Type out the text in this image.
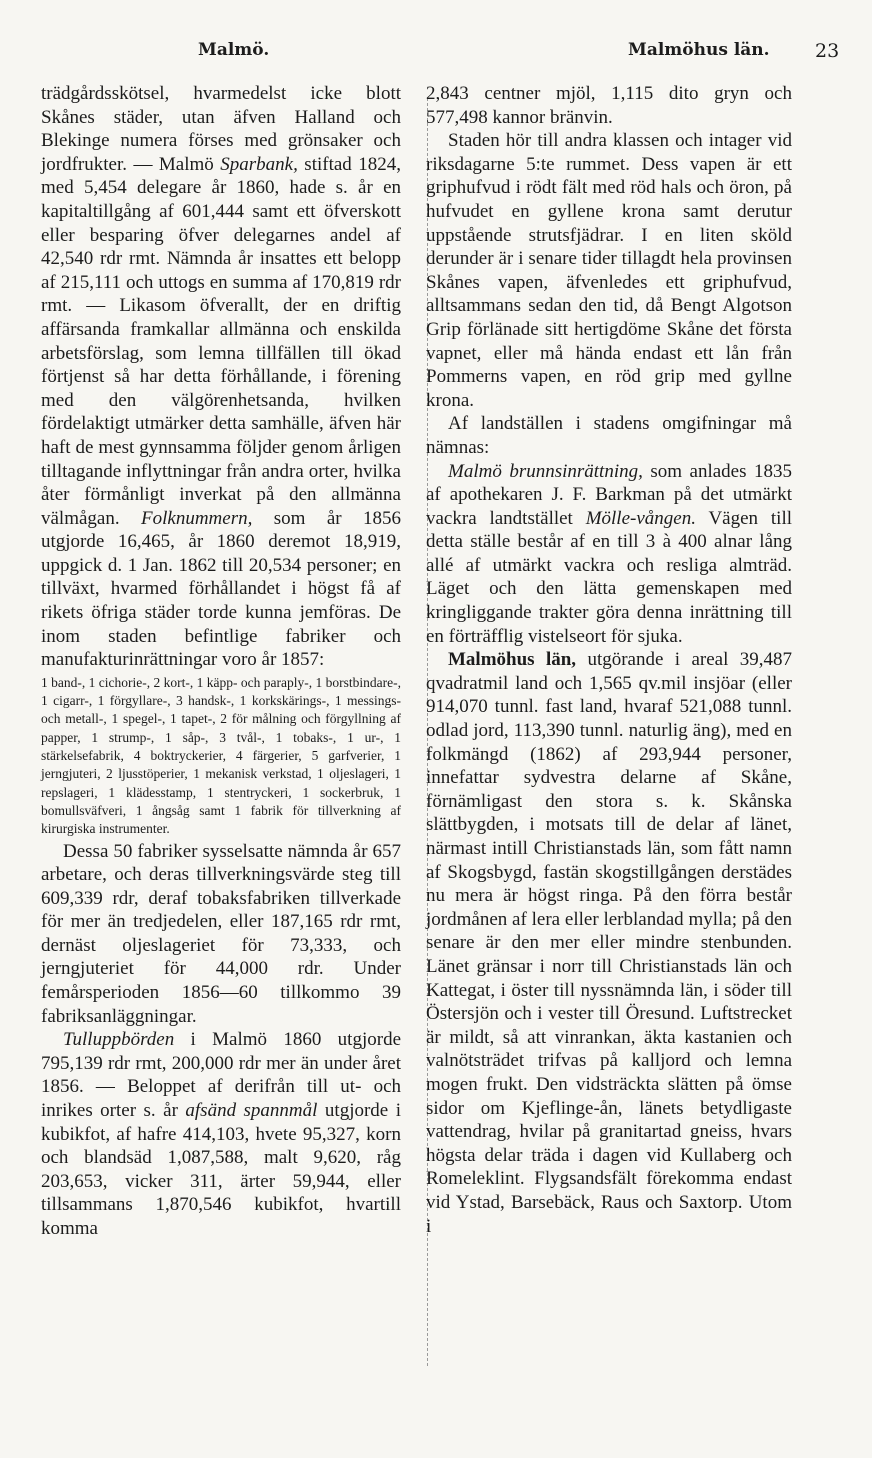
Malmö.	Malmöhus län. 23

trädgårdsskötsel, hvarmedelst icke blott Skånes städer, utan äfven Halland och Blekinge numera förses med grönsaker och jordfrukter. — Malmö Sparbank, stiftad 1824, med 5,454 delegare år 1860, hade s. år en kapitaltillgång af 601,444 samt ett öfverskott eller besparing öfver delegarnes andel af 42,540 rdr rmt. Nämnda år insattes ett belopp af 215,111 och uttogs en summa af 170,819 rdr rmt. — Likasom öfverallt, der en driftig affärsanda framkallar allmänna och enskilda arbetsförslag, som lemna tillfällen till ökad förtjenst så har detta förhållande, i förening med den välgörenhetsanda, hvilken fördelaktigt utmärker detta samhälle, äfven här haft de mest gynnsamma följder genom årligen tilltagande inflyttningar från andra orter, hvilka åter förmånligt inverkat på den allmänna välmågan. Folknummern, som år 1856 utgjorde 16,465, år 1860 deremot 18,919, uppgick d. 1 Jan. 1862 till 20,534 personer; en tillväxt, hvarmed förhållandet i högst få af rikets öfriga städer torde kunna jemföras. De inom staden befintlige fabriker och manufakturinrättningar voro år 1857:

1 band-, 1 cichorie-, 2 kort-, 1 käpp- och paraply-, 1 borstbindare-, 1 cigarr-, 1 förgyllare-, 3 handsk-, 1 korkskärings-, 1 messings- och metall-, 1 spegel-, 1 tapet-, 2 för målning och förgyllning af papper, 1 strump-, 1 såp-, 3 tvål-, 1 tobaks-, 1 ur-, 1 stärkelsefabrik, 4 boktryckerier, 4 färgerier, 5 garfverier, 1 jerngjuteri, 2 ljusstöperier, 1 mekanisk verkstad, 1 oljeslageri, 1 repslageri, 1 klädesstamp, 1 stentryckeri, 1 sockerbruk, 1 bomullsväfveri, 1 ångsåg samt 1 fabrik för tillverkning af kirurgiska instrumenter.

Dessa 50 fabriker sysselsatte nämnda år 657 arbetare, och deras tillverkningsvärde steg till 609,339 rdr, deraf tobaksfabriken tillverkade för mer än tredjedelen, eller 187,165 rdr rmt, dernäst oljeslageriet för 73,333, och jerngjuteriet för 44,000 rdr. Under femårsperioden 1856—60 tillkommo 39 fabriksanläggningar.

Tulluppbörden i Malmö 1860 utgjorde 795,139 rdr rmt, 200,000 rdr mer än under året 1856. — Beloppet af derifrån till ut- och inrikes orter s. år afsänd spannmål utgjorde i kubikfot, af hafre 414,103, hvete 95,327, korn och blandsäd 1,087,588, malt 9,620, råg 203,653, vicker 311, ärter 59,944, eller tillsammans 1,870,546 kubikfot, hvartill komma

2,843 centner mjöl, 1,115 dito gryn och 577,498 kannor bränvin.

Staden hör till andra klassen och intager vid riksdagarne 5:te rummet. Dess vapen är ett griphufvud i rödt fält med röd hals och öron, på hufvudet en gyllene krona samt derutur uppstående strutsfjädrar. I en liten sköld derunder är i senare tider tillagdt hela provinsen Skånes vapen, äfvenledes ett griphufvud, alltsammans sedan den tid, då Bengt Algotson Grip förlänade sitt hertigdöme Skåne det första vapnet, eller må hända endast ett lån från Pommerns vapen, en röd grip med gyllne krona.

Af landställen i stadens omgifningar må nämnas:

Malmö brunnsinrättning, som anlades 1835 af apothekaren J. F. Barkman på det utmärkt vackra landtstället Mölle-vången. Vägen till detta ställe består af en till 3 à 400 alnar lång allé af utmärkt vackra och resliga almträd. Läget och den lätta gemenskapen med kringliggande trakter göra denna inrättning till en förträfflig vistelseort för sjuka.

Malmöhus län, utgörande i areal 39,487 qvadratmil land och 1,565 qv.mil insjöar (eller 914,070 tunnl. fast land, hvaraf 521,088 tunnl. odlad jord, 113,390 tunnl. naturlig äng), med en folkmängd (1862) af 293,944 personer, innefattar sydvestra delarne af Skåne, förnämligast den stora s. k. Skånska slättbygden, i motsats till de delar af länet, närmast intill Christianstads län, som fått namn af Skogsbygd, fastän skogstillgången derstädes nu mera är högst ringa. På den förra består jordmånen af lera eller lerblandad mylla; på den senare är den mer eller mindre stenbunden. Länet gränsar i norr till Christianstads län och Kattegat, i öster till nyssnämnda län, i söder till Östersjön och i vester till Öresund. Luftstrecket är mildt, så att vinrankan, äkta kastanien och valnötsträdet trifvas på kalljord och lemna mogen frukt. Den vidsträckta slätten på ömse sidor om Kjeflinge-ån, länets betydligaste vattendrag, hvilar på granitartad gneiss, hvars högsta delar träda i dagen vid Kullaberg och Romeleklint. Flygsandsfält förekomma endast vid Ystad, Barsebäck, Raus och Saxtorp. Utom i
